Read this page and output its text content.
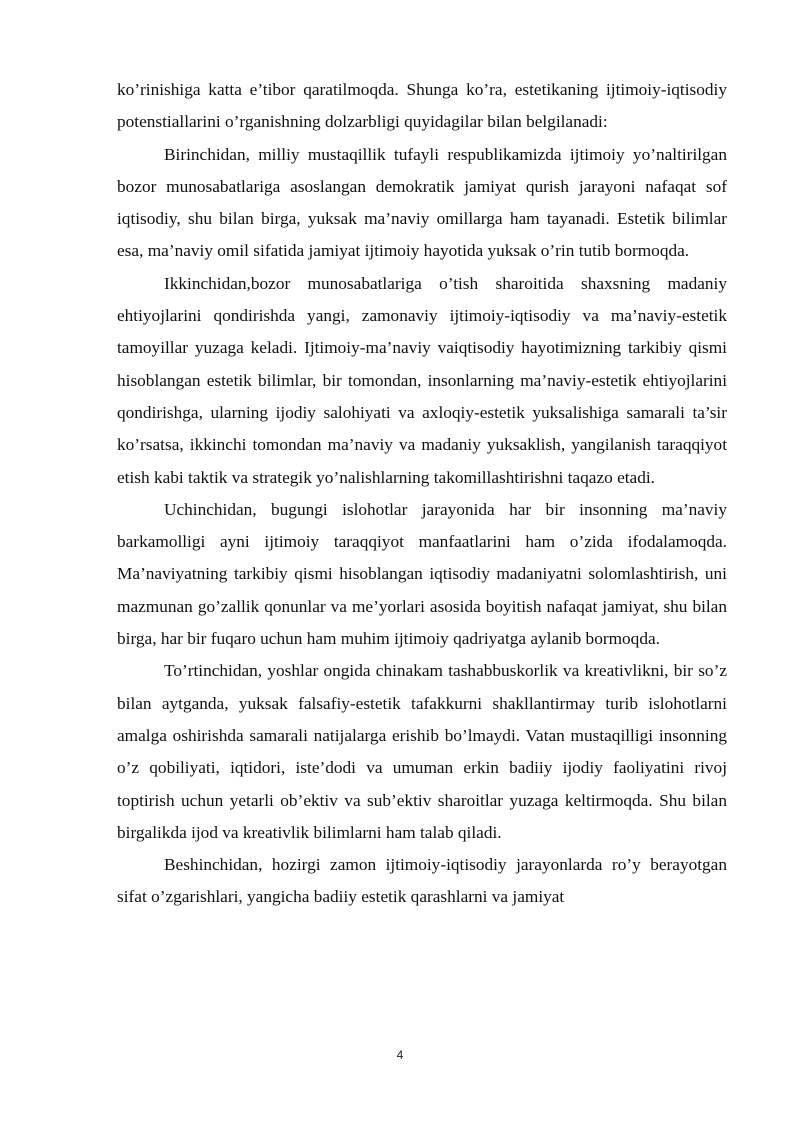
ko’rinishiga katta e’tibor qaratilmoqda. Shunga ko’ra, estetikaning ijtimoiy-iqtisodiy potenstiallarini o’rganishning dolzarbligi quyidagilar bilan belgilanadi:

Birinchidan, milliy mustaqillik tufayli respublikamizda ijtimoiy yo’naltirilgan bozor munosabatlariga asoslangan demokratik jamiyat qurish jarayoni nafaqat sof iqtisodiy, shu bilan birga, yuksak ma’naviy omillarga ham tayanadi. Estetik bilimlar esa, ma’naviy omil sifatida jamiyat ijtimoiy hayotida yuksak o’rin tutib bormoqda.

Ikkinchidan,bozor munosabatlariga o’tish sharoitida shaxsning madaniy ehtiyojlarini qondirishda yangi, zamonaviy ijtimoiy-iqtisodiy va ma’naviy-estetik tamoyillar yuzaga keladi. Ijtimoiy-ma’naviy vaiqtisodiy hayotimizning tarkibiy qismi hisoblangan estetik bilimlar, bir tomondan, insonlarning ma’naviy-estetik ehtiyojlarini qondirishga, ularning ijodiy salohiyati va axloqiy-estetik yuksalishiga samarali ta’sir ko’rsatsa, ikkinchi tomondan ma’naviy va madaniy yuksaklish, yangilanish taraqqiyot etish kabi taktik va strategik yo’nalishlarning takomillashtirishni taqazo etadi.

Uchinchidan, bugungi islohotlar jarayonida har bir insonning ma’naviy barkamolligi ayni ijtimoiy taraqqiyot manfaatlarini ham o’zida ifodalamoqda. Ma’naviyatning tarkibiy qismi hisoblangan iqtisodiy madaniyatni solomlashtirish, uni mazmunan go’zallik qonunlar va me’yorlari asosida boyitish nafaqat jamiyat, shu bilan birga, har bir fuqaro uchun ham muhim ijtimoiy qadriyatga aylanib bormoqda.

To’rtinchidan, yoshlar ongida chinakam tashabbuskorlik va kreativlikni, bir so’z bilan aytganda, yuksak falsafiy-estetik tafakkurni shakllantirmay turib islohotlarni amalga oshirishda samarali natijalarga erishib bo’lmaydi. Vatan mustaqilligi insonning o’z qobiliyati, iqtidori, iste’dodi va umuman erkin badiiy ijodiy faoliyatini rivoj toptirish uchun yetarli ob’ektiv va sub’ektiv sharoitlar yuzaga keltirmoqda. Shu bilan birgalikda ijod va kreativlik bilimlarni ham talab qiladi.

Beshinchidan, hozirgi zamon ijtimoiy-iqtisodiy jarayonlarda ro’y berayotgan sifat o’zgarishlari, yangicha badiiy estetik qarashlarni va jamiyat

4
